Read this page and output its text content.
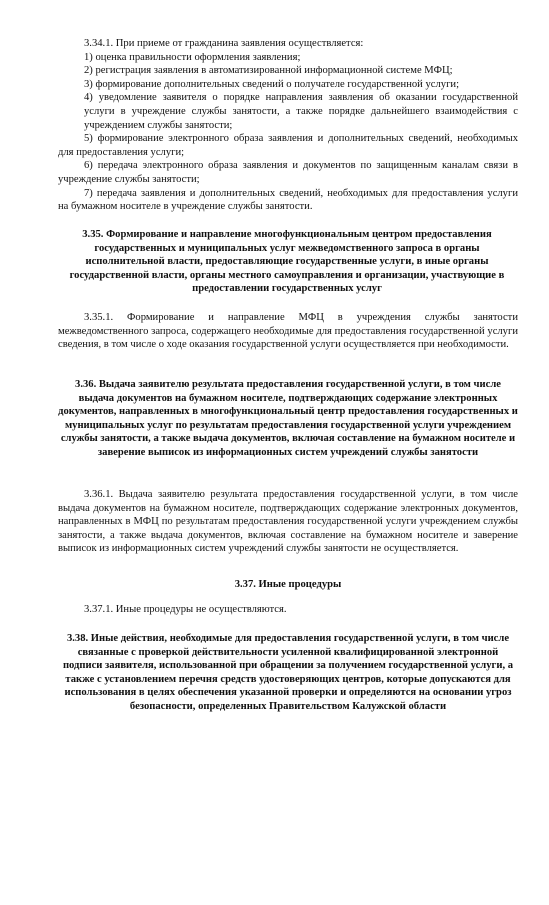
3.34.1. При приеме от гражданина заявления осуществляется:
1) оценка правильности оформления заявления;
2) регистрация заявления в автоматизированной информационной системе МФЦ;
3) формирование дополнительных сведений о получателе государственной услуги;
4) уведомление заявителя о порядке направления заявления об оказании государственной услуги в учреждение службы занятости, а также порядке дальнейшего взаимодействия с учреждением службы занятости;
5) формирование электронного образа заявления и дополнительных сведений, необходимых для предоставления услуги;
6) передача электронного образа заявления и документов по защищенным каналам связи в учреждение службы занятости;
7) передача заявления и дополнительных сведений, необходимых для предоставления услуги на бумажном носителе в учреждение службы занятости.
3.35. Формирование и направление многофункциональным центром предоставления государственных и муниципальных услуг межведомственного запроса в органы исполнительной власти, предоставляющие государственные услуги, в иные органы государственной власти, органы местного самоуправления и организации, участвующие в предоставлении государственных услуг
3.35.1. Формирование и направление МФЦ в учреждения службы занятости межведомственного запроса, содержащего необходимые для предоставления государственной услуги сведения, в том числе о ходе оказания государственной услуги осуществляется при необходимости.
3.36. Выдача заявителю результата предоставления государственной услуги, в том числе выдача документов на бумажном носителе, подтверждающих содержание электронных документов, направленных в многофункциональный центр предоставления государственных и муниципальных услуг по результатам предоставления государственной услуги учреждением службы занятости, а также выдача документов, включая составление на бумажном носителе и заверение выписок из информационных систем учреждений службы занятости
3.36.1. Выдача заявителю результата предоставления государственной услуги, в том числе выдача документов на бумажном носителе, подтверждающих содержание электронных документов, направленных в МФЦ по результатам предоставления государственной услуги учреждением службы занятости, а также выдача документов, включая составление на бумажном носителе и заверение выписок из информационных систем учреждений службы занятости не осуществляется.
3.37. Иные процедуры
3.37.1. Иные процедуры не осуществляются.
3.38. Иные действия, необходимые для предоставления государственной услуги, в том числе связанные с проверкой действительности усиленной квалифицированной электронной подписи заявителя, использованной при обращении за получением государственной услуги, а также с установлением перечня средств удостоверяющих центров, которые допускаются для использования в целях обеспечения указанной проверки и определяются на основании угроз безопасности, определенных Правительством Калужской области
